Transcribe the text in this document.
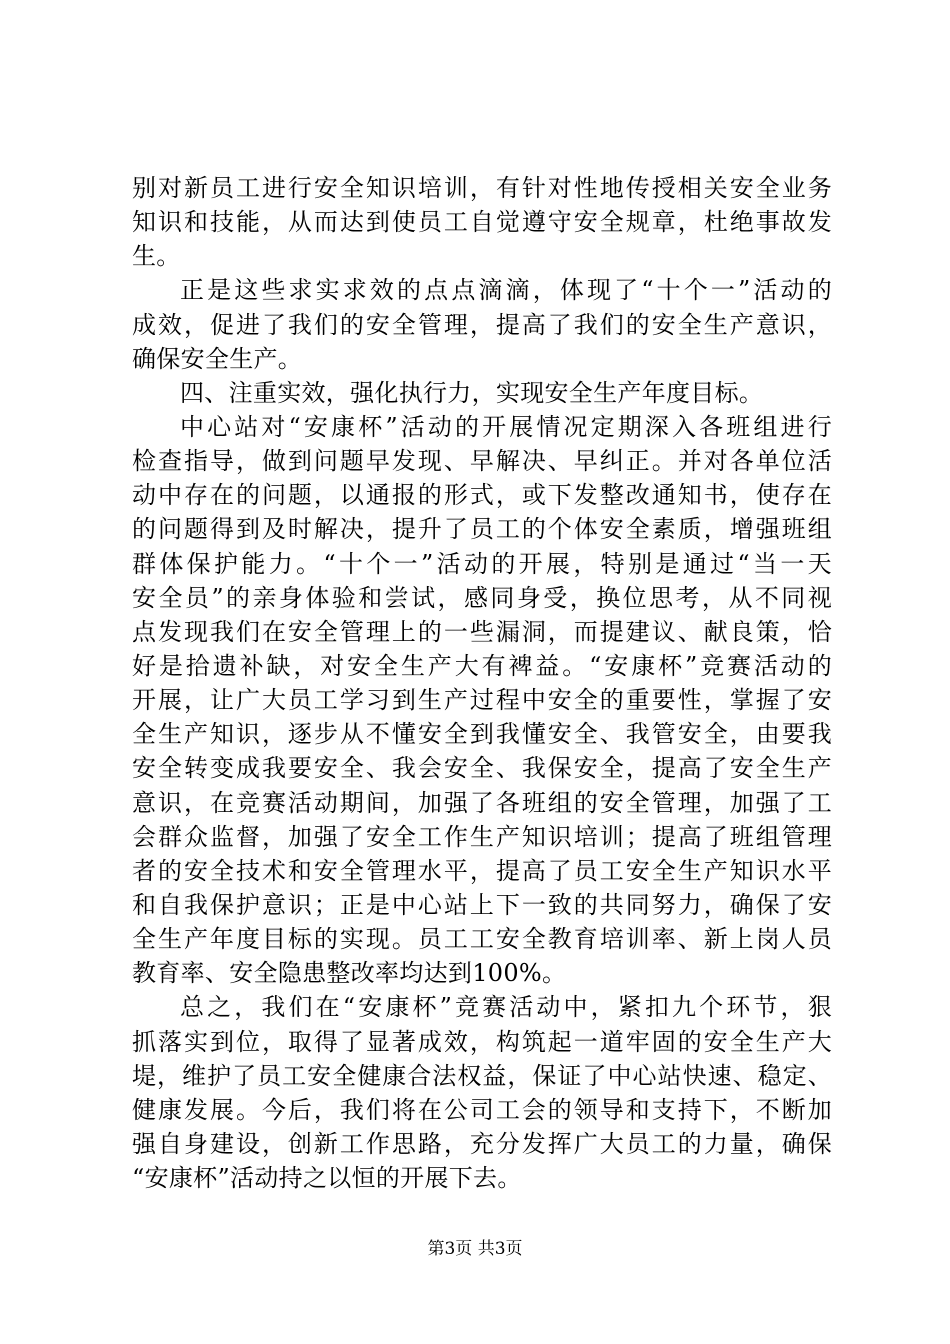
别对新员工进行安全知识培训，有针对性地传授相关安全业务
知识和技能，从而达到使员工自觉遵守安全规章，杜绝事故发
生。
正是这些求实求效的点点滴滴，体现了“十个一”活动的
成效，促进了我们的安全管理，提高了我们的安全生产意识，
确保安全生产。
四、注重实效，强化执行力，实现安全生产年度目标。
中心站对“安康杯”活动的开展情况定期深入各班组进行
检查指导，做到问题早发现、早解决、早纠正。并对各单位活
动中存在的问题，以通报的形式，或下发整改通知书，使存在
的问题得到及时解决，提升了员工的个体安全素质，增强班组
群体保护能力。“十个一”活动的开展，特别是通过“当一天
安全员”的亲身体验和尝试，感同身受，换位思考，从不同视
点发现我们在安全管理上的一些漏洞，而提建议、献良策，恰
好是拾遗补缺，对安全生产大有裨益。“安康杯”竞赛活动的
开展，让广大员工学习到生产过程中安全的重要性，掌握了安
全生产知识，逐步从不懂安全到我懂安全、我管安全，由要我
安全转变成我要安全、我会安全、我保安全，提高了安全生产
意识，在竞赛活动期间，加强了各班组的安全管理，加强了工
会群众监督，加强了安全工作生产知识培训；提高了班组管理
者的安全技术和安全管理水平，提高了员工安全生产知识水平
和自我保护意识；正是中心站上下一致的共同努力，确保了安
全生产年度目标的实现。员工工安全教育培训率、新上岗人员
教育率、安全隐患整改率均达到100%。
总之，我们在“安康杯”竞赛活动中，紧扣九个环节，狠
抓落实到位，取得了显著成效，构筑起一道牢固的安全生产大
堤，维护了员工安全健康合法权益，保证了中心站快速、稳定、
健康发展。今后，我们将在公司工会的领导和支持下，不断加
强自身建设，创新工作思路，充分发挥广大员工的力量，确保
“安康杯”活动持之以恒的开展下去。
第3页 共3页
